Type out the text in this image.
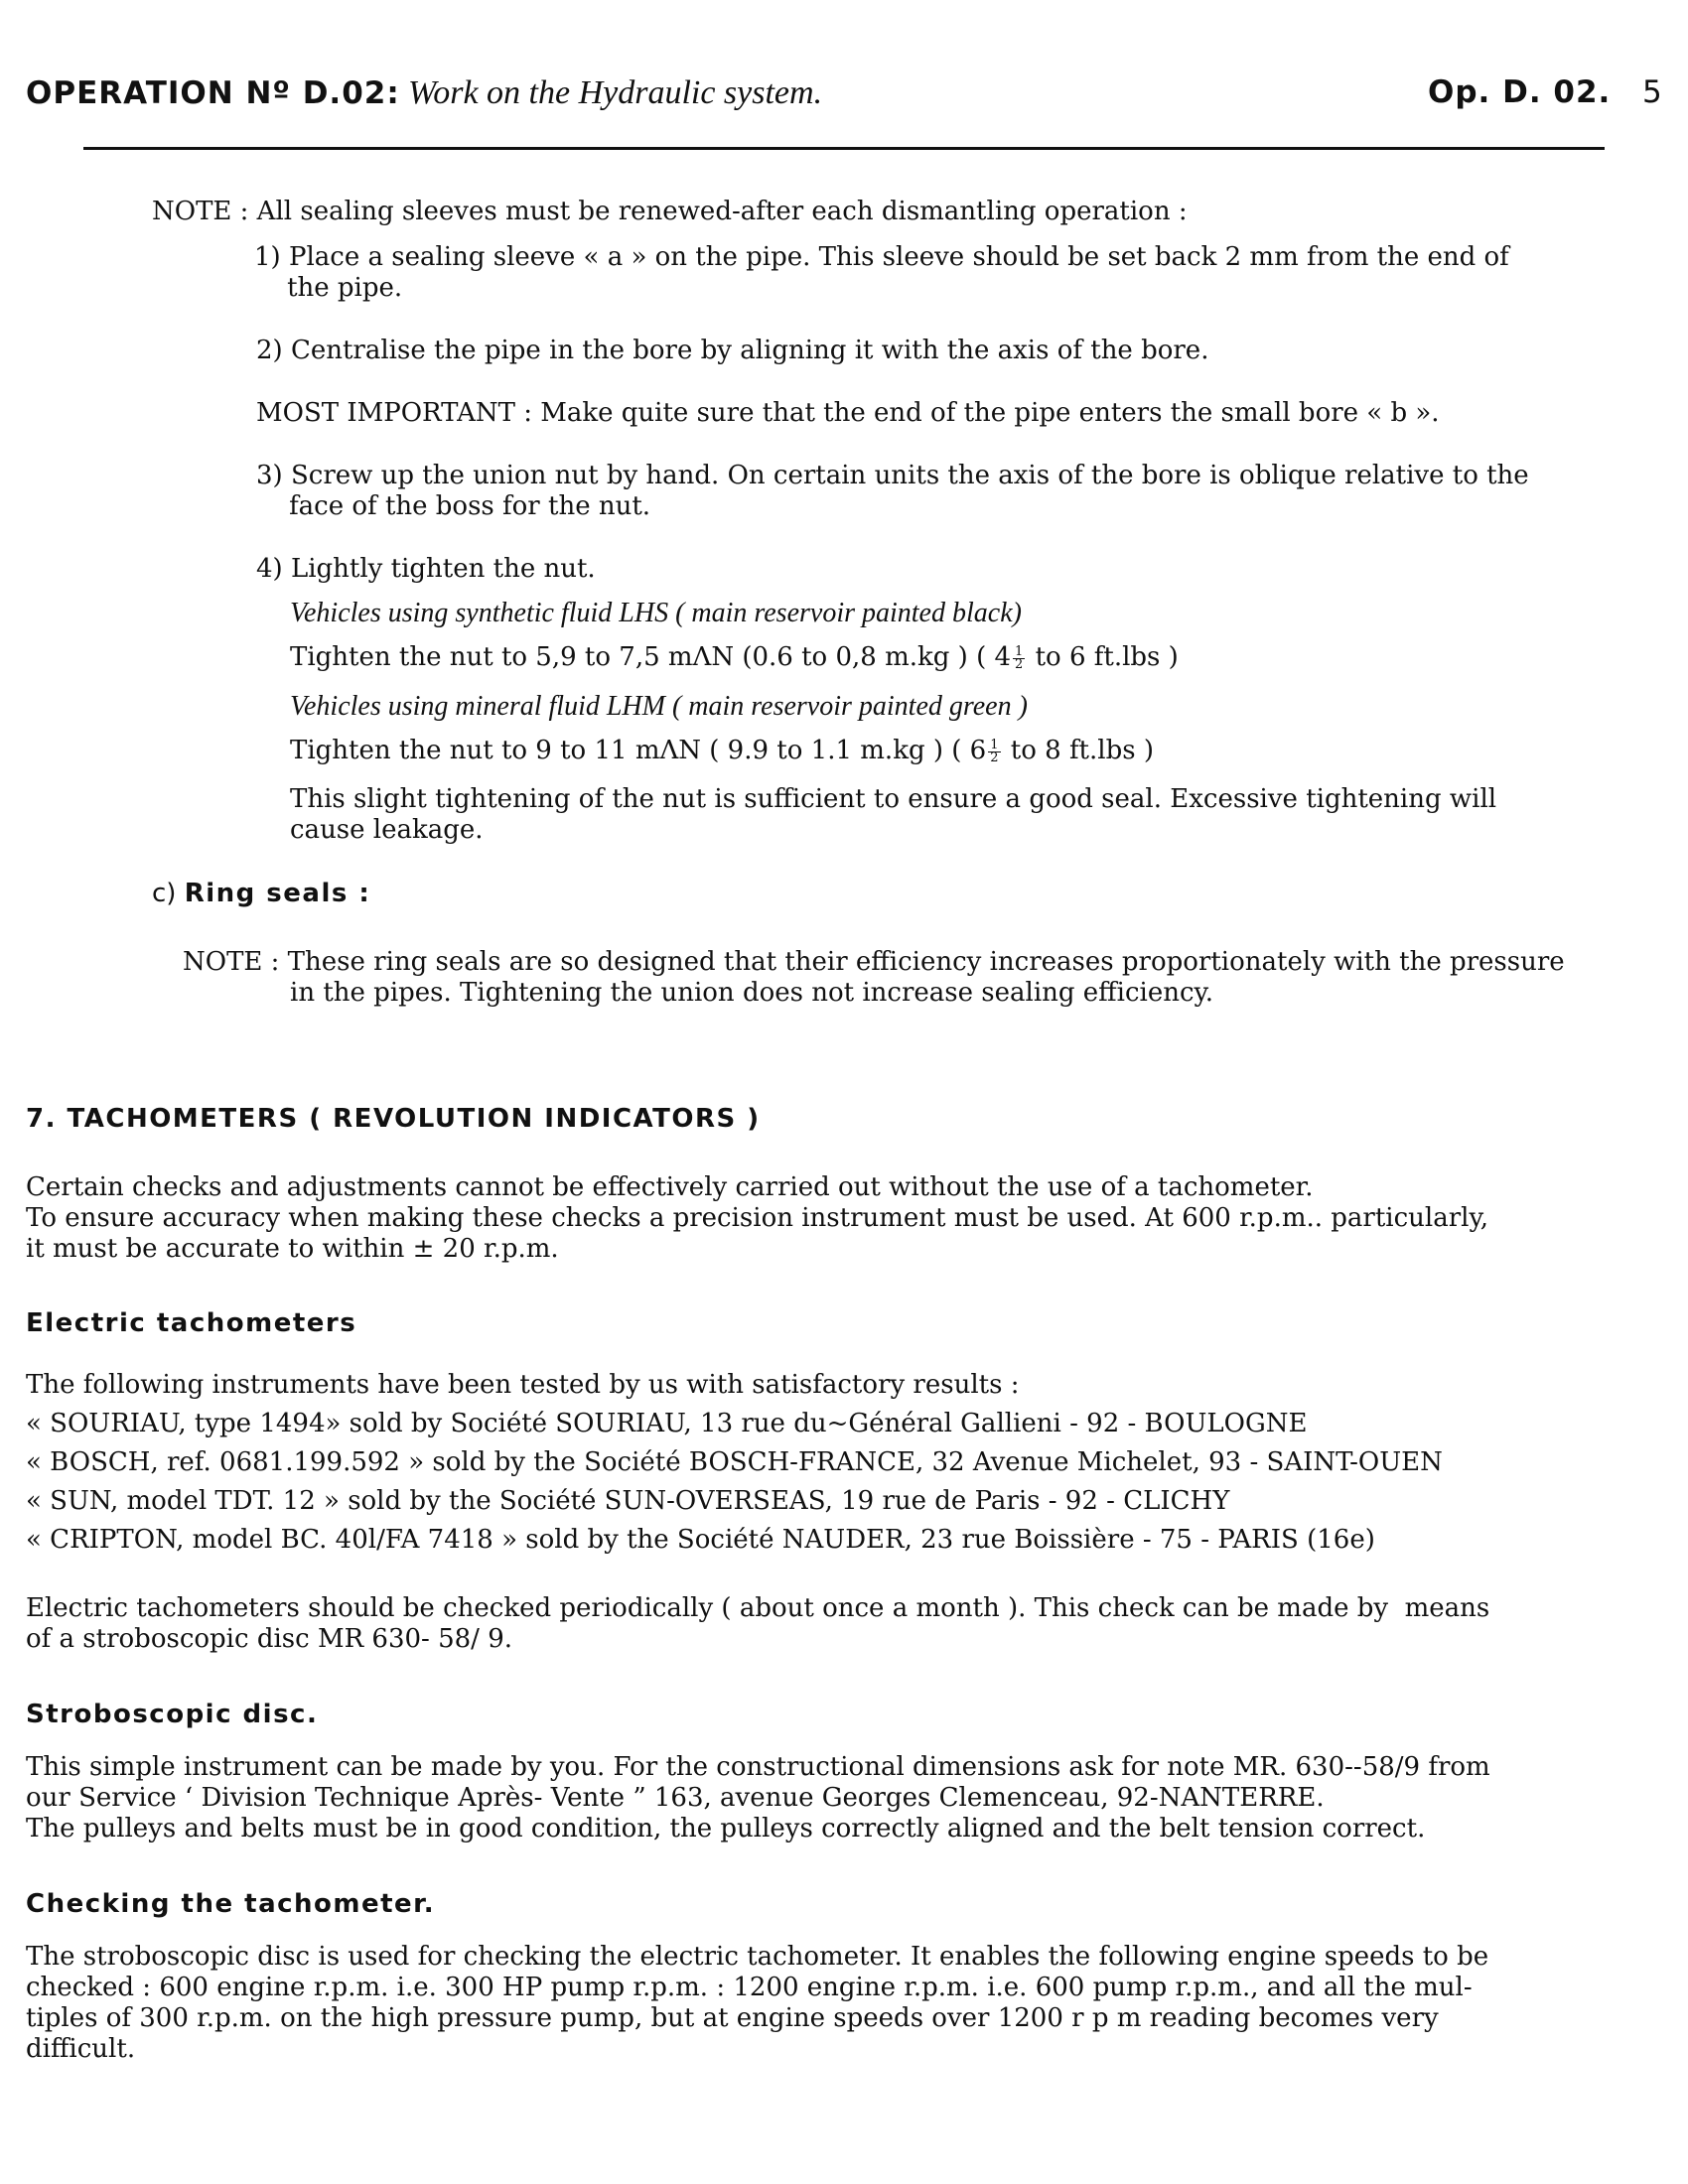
OPERATION Nº D.02: Work on the Hydraulic system.	Op. D. 02. 5
NOTE : All sealing sleeves must be renewed-after each dismantling operation :
1) Place a sealing sleeve « a » on the pipe. This sleeve should be set back 2 mm from the end of
the pipe.
2) Centralise the pipe in the bore by aligning it with the axis of the bore.
MOST IMPORTANT : Make quite sure that the end of the pipe enters the small bore « b ».
3) Screw up the union nut by hand. On certain units the axis of the bore is oblique relative to the
face of the boss for the nut.
4) Lightly tighten the nut.
Vehicles using synthetic fluid LHS ( main reservoir painted black)
Tighten the nut to 5,9 to 7,5 mΛN (0.6 to 0,8 m.kg ) ( $4 \frac{1}{2}$ to 6 ft.lbs )
Vehicles using mineral fluid LHM ( main reservoir painted green )
Tighten the nut to 9 to 11 mΛN ( 9.9 to 1.1 m.kg ) ( $6 \frac{1}{2}$ to 8 ft.lbs )
This slight tightening of the nut is sufficient to ensure a good seal. Excessive tightening will
cause leakage.
c) Ring seals :
NOTE : These ring seals are so designed that their efficiency increases proportionately with the pressure
in the pipes. Tightening the union does not increase sealing efficiency.
7. TACHOMETERS ( REVOLUTION INDICATORS )
Certain checks and adjustments cannot be effectively carried out without the use of a tachometer.
To ensure accuracy when making these checks a precision instrument must be used. At 600 r.p.m.. particularly,
it must be accurate to within ± 20 r.p.m.
Electric tachometers
The following instruments have been tested by us with satisfactory results :
« SOURIAU, type 1494» sold by Société SOURIAU, 13 rue du~Général Gallieni - 92 - BOULOGNE
« BOSCH, ref. 0681.199.592 » sold by the Société BOSCH-FRANCE, 32 Avenue Michelet, 93 - SAINT-OUEN
« SUN, model TDT. 12 » sold by the Société SUN-OVERSEAS, 19 rue de Paris - 92 - CLICHY
« CRIPTON, model BC. 40l/FA 7418 » sold by the Société NAUDER, 23 rue Boissière - 75 - PARIS (16e)
Electric tachometers should be checked periodically ( about once a month ). This check can be made by  means
of a stroboscopic disc MR 630- 58/ 9.
Stroboscopic disc.
This simple instrument can be made by you. For the constructional dimensions ask for note MR. 630--58/9 from
our Service ‘ Division Technique Après- Vente ” 163, avenue Georges Clemenceau, 92-NANTERRE.
The pulleys and belts must be in good condition, the pulleys correctly aligned and the belt tension correct.
Checking the tachometer.
The stroboscopic disc is used for checking the electric tachometer. It enables the following engine speeds to be
checked : 600 engine r.p.m. i.e. 300 HP pump r.p.m. : 1200 engine r.p.m. i.e. 600 pump r.p.m., and all the mul-
tiples of 300 r.p.m. on the high pressure pump, but at engine speeds over 1200 r p m reading becomes very
difficult.
